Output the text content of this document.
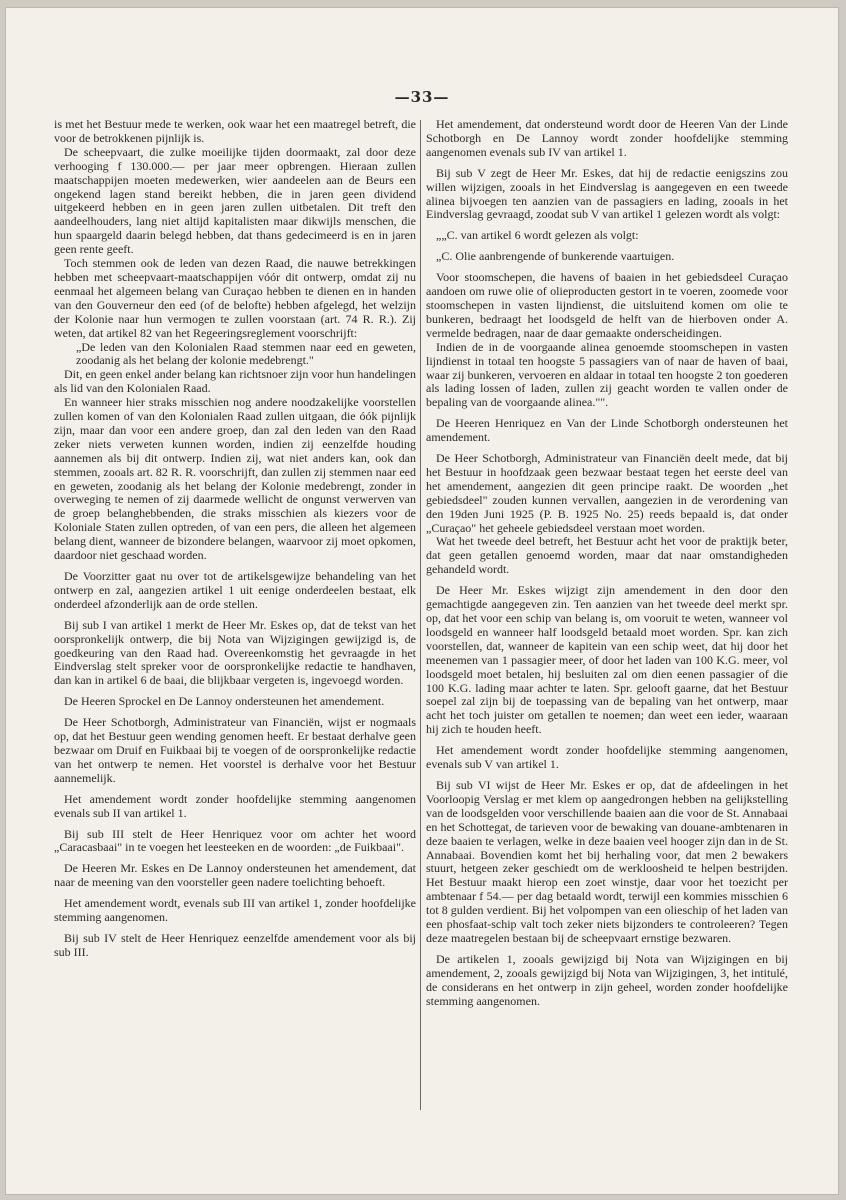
—33—

is met het Bestuur mede te werken, ook waar het een maatregel betreft, die voor de betrokkenen pijnlijk is.

De scheepvaart, die zulke moeilijke tijden doormaakt, zal door deze verhooging f 130.000.— per jaar meer opbrengen. Hieraan zullen maatschappijen moeten medewerken, wier aandeelen aan de Beurs een ongekend lagen stand bereikt hebben, die in jaren geen dividend uitgekeerd hebben en in geen jaren zullen uitbetalen. Dit treft den aandeelhouders, lang niet altijd kapitalisten maar dikwijls menschen, die hun spaargeld daarin belegd hebben, dat thans gedecimeerd is en in jaren geen rente geeft.

Toch stemmen ook de leden van dezen Raad, die nauwe betrekkingen hebben met scheepvaart-maatschappijen vóór dit ontwerp, omdat zij nu eenmaal het algemeen belang van Curaçao hebben te dienen en in handen van den Gouverneur den eed (of de belofte) hebben afgelegd, het welzijn der Kolonie naar hun vermogen te zullen voorstaan (art. 74 R. R.). Zij weten, dat artikel 82 van het Regeeringsreglement voorschrijft:

„De leden van den Kolonialen Raad stemmen naar eed en geweten, zoodanig als het belang der kolonie medebrengt."

Dit, en geen enkel ander belang kan richtsnoer zijn voor hun handelingen als lid van den Kolonialen Raad.

En wanneer hier straks misschien nog andere noodzakelijke voorstellen zullen komen of van den Kolonialen Raad zullen uitgaan, die óók pijnlijk zijn, maar dan voor een andere groep, dan zal den leden van den Raad zeker niets verweten kunnen worden, indien zij eenzelfde houding aannemen als bij dit ontwerp. Indien zij, wat niet anders kan, ook dan stemmen, zooals art. 82 R. R. voorschrijft, dan zullen zij stemmen naar eed en geweten, zoodanig als het belang der Kolonie medebrengt, zonder in overweging te nemen of zij daarmede wellicht de ongunst verwerven van de groep belanghebbenden, die straks misschien als kiezers voor de Koloniale Staten zullen optreden, of van een pers, die alleen het algemeen belang dient, wanneer de bizondere belangen, waarvoor zij moet opkomen, daardoor niet geschaad worden.

De Voorzitter gaat nu over tot de artikelsgewijze behandeling van het ontwerp en zal, aangezien artikel 1 uit eenige onderdeelen bestaat, elk onderdeel afzonderlijk aan de orde stellen.

Bij sub I van artikel 1 merkt de Heer Mr. Eskes op, dat de tekst van het oorspronkelijk ontwerp, die bij Nota van Wijzigingen gewijzigd is, de goedkeuring van den Raad had. Overeenkomstig het gevraagde in het Eindverslag stelt spreker voor de oorspronkelijke redactie te handhaven, dan kan in artikel 6 de baai, die blijkbaar vergeten is, ingevoegd worden.

De Heeren Sprockel en De Lannoy ondersteunen het amendement.

De Heer Schotborgh, Administrateur van Financiën, wijst er nogmaals op, dat het Bestuur geen wending genomen heeft. Er bestaat derhalve geen bezwaar om Druif en Fuikbaai bij te voegen of de oorspronkelijke redactie van het ontwerp te nemen. Het voorstel is derhalve voor het Bestuur aannemelijk.

Het amendement wordt zonder hoofdelijke stemming aangenomen evenals sub II van artikel 1.

Bij sub III stelt de Heer Henriquez voor om achter het woord „Caracasbaai" in te voegen het leesteeken en de woorden: „de Fuikbaai".

De Heeren Mr. Eskes en De Lannoy ondersteunen het amendement, dat naar de meening van den voorsteller geen nadere toelichting behoeft.

Het amendement wordt, evenals sub III van artikel 1, zonder hoofdelijke stemming aangenomen.

Bij sub IV stelt de Heer Henriquez eenzelfde amendement voor als bij sub III.

Het amendement, dat ondersteund wordt door de Heeren Van der Linde Schotborgh en De Lannoy wordt zonder hoofdelijke stemming aangenomen evenals sub IV van artikel 1.

Bij sub V zegt de Heer Mr. Eskes, dat hij de redactie eenigszins zou willen wijzigen, zooals in het Eindverslag is aangegeven en een tweede alinea bijvoegen ten aanzien van de passagiers en lading, zooals in het Eindverslag gevraagd, zoodat sub V van artikel 1 gelezen wordt als volgt:

„„C. van artikel 6 wordt gelezen als volgt:

„C. Olie aanbrengende of bunkerende vaartuigen.

Voor stoomschepen, die havens of baaien in het gebiedsdeel Curaçao aandoen om ruwe olie of olieproducten gestort in te voeren, zoomede voor stoomschepen in vasten lijndienst, die uitsluitend komen om olie te bunkeren, bedraagt het loodsgeld de helft van de hierboven onder A. vermelde bedragen, naar de daar gemaakte onderscheidingen.

Indien de in de voorgaande alinea genoemde stoomschepen in vasten lijndienst in totaal ten hoogste 5 passagiers van of naar de haven of baai, waar zij bunkeren, vervoeren en aldaar in totaal ten hoogste 2 ton goederen als lading lossen of laden, zullen zij geacht worden te vallen onder de bepaling van de voorgaande alinea."".

De Heeren Henriquez en Van der Linde Schotborgh ondersteunen het amendement.

De Heer Schotborgh, Administrateur van Financiën deelt mede, dat bij het Bestuur in hoofdzaak geen bezwaar bestaat tegen het eerste deel van het amendement, aangezien dit geen principe raakt. De woorden „het gebiedsdeel" zouden kunnen vervallen, aangezien in de verordening van den 19den Juni 1925 (P. B. 1925 No. 25) reeds bepaald is, dat onder „Curaçao" het geheele gebiedsdeel verstaan moet worden.

Wat het tweede deel betreft, het Bestuur acht het voor de praktijk beter, dat geen getallen genoemd worden, maar dat naar omstandigheden gehandeld wordt.

De Heer Mr. Eskes wijzigt zijn amendement in den door den gemachtigde aangegeven zin. Ten aanzien van het tweede deel merkt spr. op, dat het voor een schip van belang is, om vooruit te weten, wanneer vol loodsgeld en wanneer half loodsgeld betaald moet worden. Spr. kan zich voorstellen, dat, wanneer de kapitein van een schip weet, dat hij door het meenemen van 1 passagier meer, of door het laden van 100 K.G. meer, vol loodsgeld moet betalen, hij besluiten zal om dien eenen passagier of die 100 K.G. lading maar achter te laten. Spr. gelooft gaarne, dat het Bestuur soepel zal zijn bij de toepassing van de bepaling van het ontwerp, maar acht het toch juister om getallen te noemen; dan weet een ieder, waaraan hij zich te houden heeft.

Het amendement wordt zonder hoofdelijke stemming aangenomen, evenals sub V van artikel 1.

Bij sub VI wijst de Heer Mr. Eskes er op, dat de afdeelingen in het Voorloopig Verslag er met klem op aangedrongen hebben na gelijkstelling van de loodsgelden voor verschillende baaien aan die voor de St. Annabaai en het Schottegat, de tarieven voor de bewaking van douane-ambtenaren in deze baaien te verlagen, welke in deze baaien veel hooger zijn dan in de St. Annabaai. Bovendien komt het bij herhaling voor, dat men 2 bewakers stuurt, hetgeen zeker geschiedt om de werkloosheid te helpen bestrijden. Het Bestuur maakt hierop een zoet winstje, daar voor het toezicht per ambtenaar f 54.— per dag betaald wordt, terwijl een kommies misschien 6 tot 8 gulden verdient. Bij het volpompen van een olieschip of het laden van een phosfaat-schip valt toch zeker niets bijzonders te controleeren? Tegen deze maatregelen bestaan bij de scheepvaart ernstige bezwaren.

De artikelen 1, zooals gewijzigd bij Nota van Wijzigingen en bij amendement, 2, zooals gewijzigd bij Nota van Wijzigingen, 3, het intitulé, de considerans en het ontwerp in zijn geheel, worden zonder hoofdelijke stemming aangenomen.
